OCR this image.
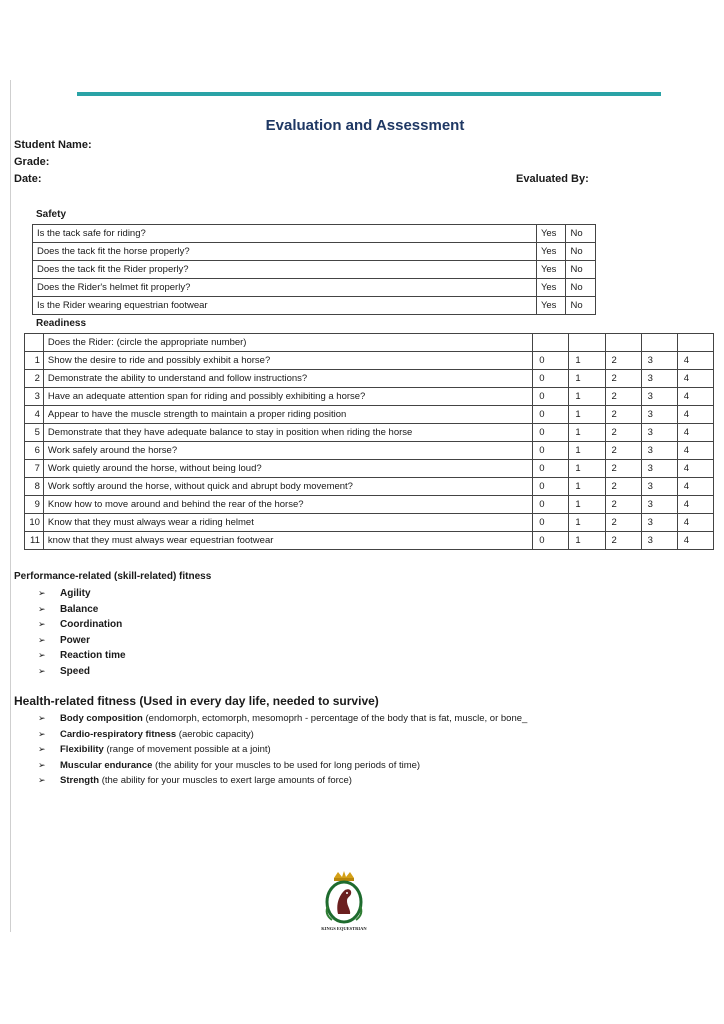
Evaluation and Assessment
Student Name:
Grade:
Date:	Evaluated By:
Safety
Is the tack safe for riding?	Yes	No
Does the tack fit the horse properly?	Yes	No
Does the tack fit the Rider properly?	Yes	No
Does the Rider's helmet fit properly?	Yes	No
Is the Rider wearing equestrian footwear	Yes	No
Readiness
	Does the Rider: (circle the appropriate number)					
1	Show the desire to ride and possibly exhibit a horse?	0	1	2	3	4
2	Demonstrate the ability to understand and follow instructions?	0	1	2	3	4
3	Have an adequate attention span for riding and possibly exhibiting a horse?	0	1	2	3	4
4	Appear to have the muscle strength to maintain a proper riding position	0	1	2	3	4
5	Demonstrate that they have adequate balance to stay in position when riding the horse	0	1	2	3	4
6	Work safely around the horse?	0	1	2	3	4
7	Work quietly around the horse, without being loud?	0	1	2	3	4
8	Work softly around the horse, without quick and abrupt body movement?	0	1	2	3	4
9	Know how to move around and behind the rear of the horse?	0	1	2	3	4
10	Know that they must always wear a riding helmet	0	1	2	3	4
11	know that they must always wear equestrian footwear	0	1	2	3	4
Performance-related (skill-related) fitness
➢ Agility
➢ Balance
➢ Coordination
➢ Power
➢ Reaction time
➢ Speed
Health-related fitness (Used in every day life, needed to survive)
➢ Body composition (endomorph, ectomorph, mesomoprh - percentage of the body that is fat, muscle, or bone_
➢ Cardio-respiratory fitness (aerobic capacity)
➢ Flexibility (range of movement possible at a joint)
➢ Muscular endurance (the ability for your muscles to be used for long periods of time)
➢ Strength (the ability for your muscles to exert large amounts of force)
KINGS EQUESTRIAN
